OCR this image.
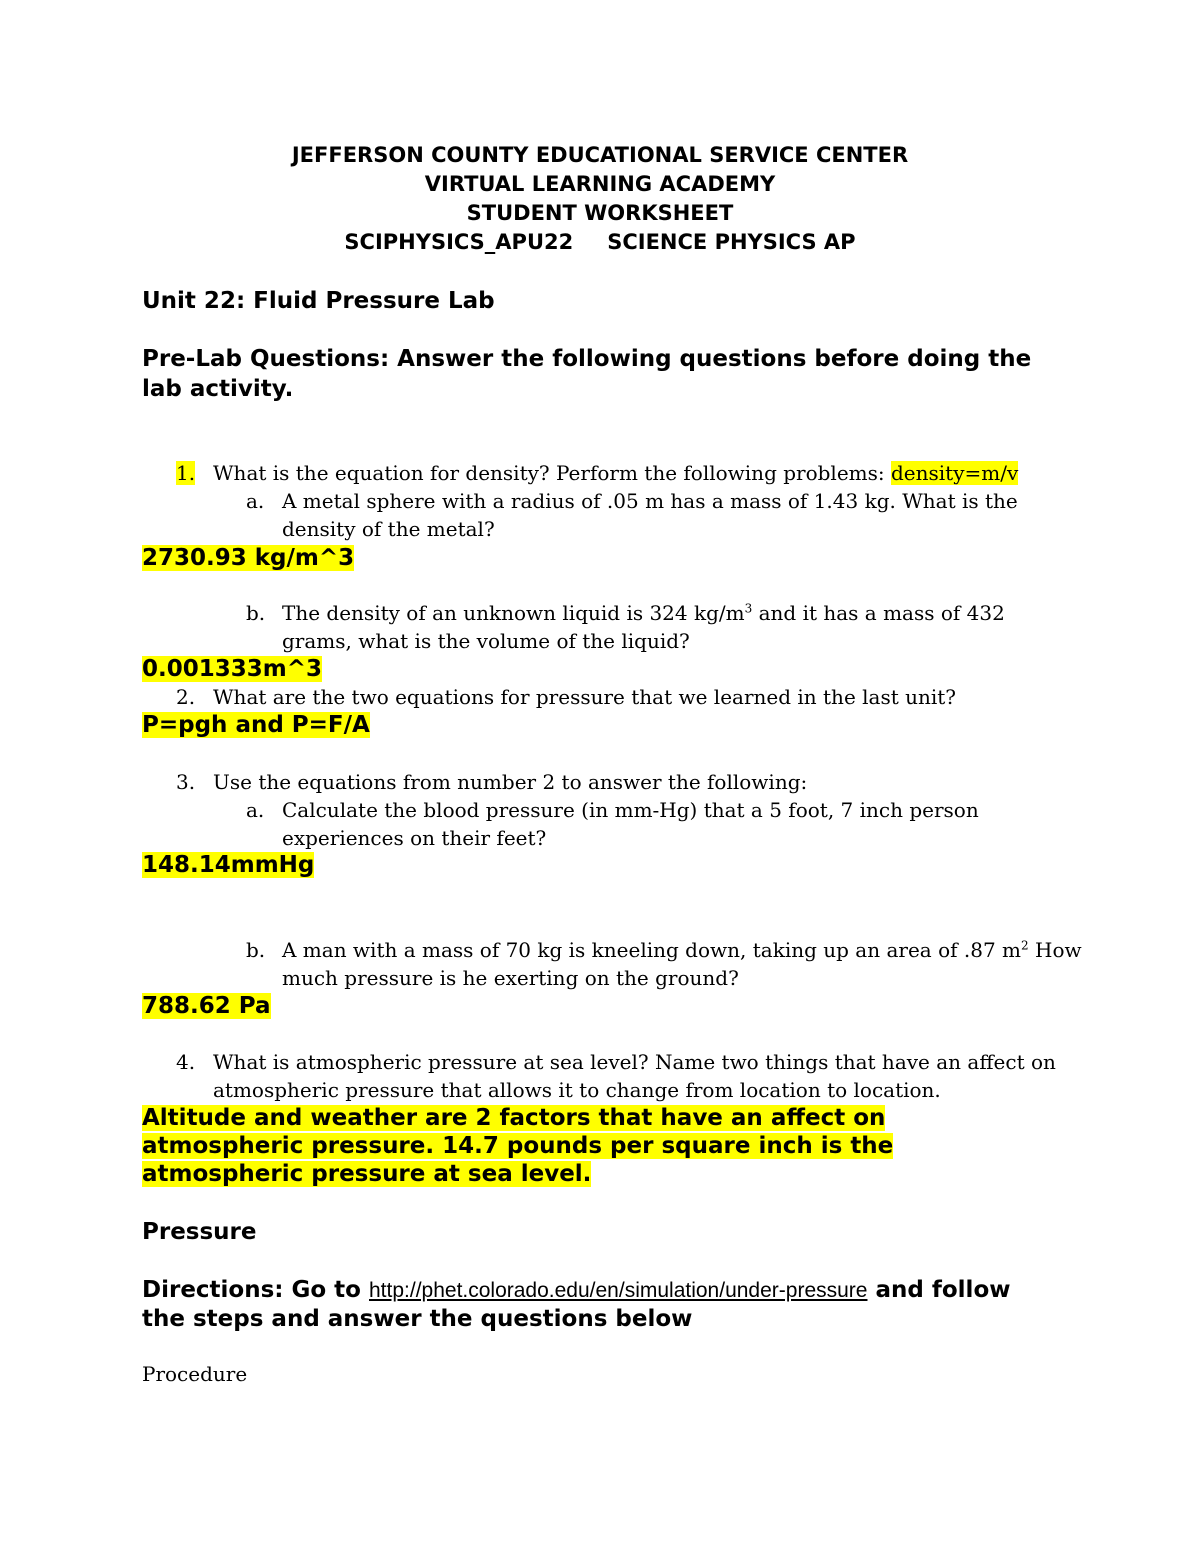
JEFFERSON COUNTY EDUCATIONAL SERVICE CENTER
VIRTUAL LEARNING ACADEMY
STUDENT WORKSHEET
SCIPHYSICS_APU22 SCIENCE PHYSICS AP
Unit 22: Fluid Pressure Lab
Pre-Lab Questions: Answer the following questions before doing the
lab activity.
1. What is the equation for density? Perform the following problems: density=m/v
a. A metal sphere with a radius of .05 m has a mass of 1.43 kg. What is the
density of the metal?
2730.93 kg/m^3
b. The density of an unknown liquid is 324 $kg/m^3$ and it has a mass of 432
grams, what is the volume of the liquid?
0.001333m^3
2. What are the two equations for pressure that we learned in the last unit?
P=pgh and P=F/A
3. Use the equations from number 2 to answer the following:
a. Calculate the blood pressure (in mm-Hg) that a 5 foot, 7 inch person
experiences on their feet?
148.14mmHg
b. A man with a mass of 70 kg is kneeling down, taking up an area of .87 $m^2$ How
much pressure is he exerting on the ground?
788.62 Pa
4. What is atmospheric pressure at sea level? Name two things that have an affect on
atmospheric pressure that allows it to change from location to location.
Altitude and weather are 2 factors that have an affect on
atmospheric pressure. 14.7 pounds per square inch is the
atmospheric pressure at sea level.
Pressure
Directions: Go to http://phet.colorado.edu/en/simulation/under-pressure and follow
the steps and answer the questions below
Procedure
